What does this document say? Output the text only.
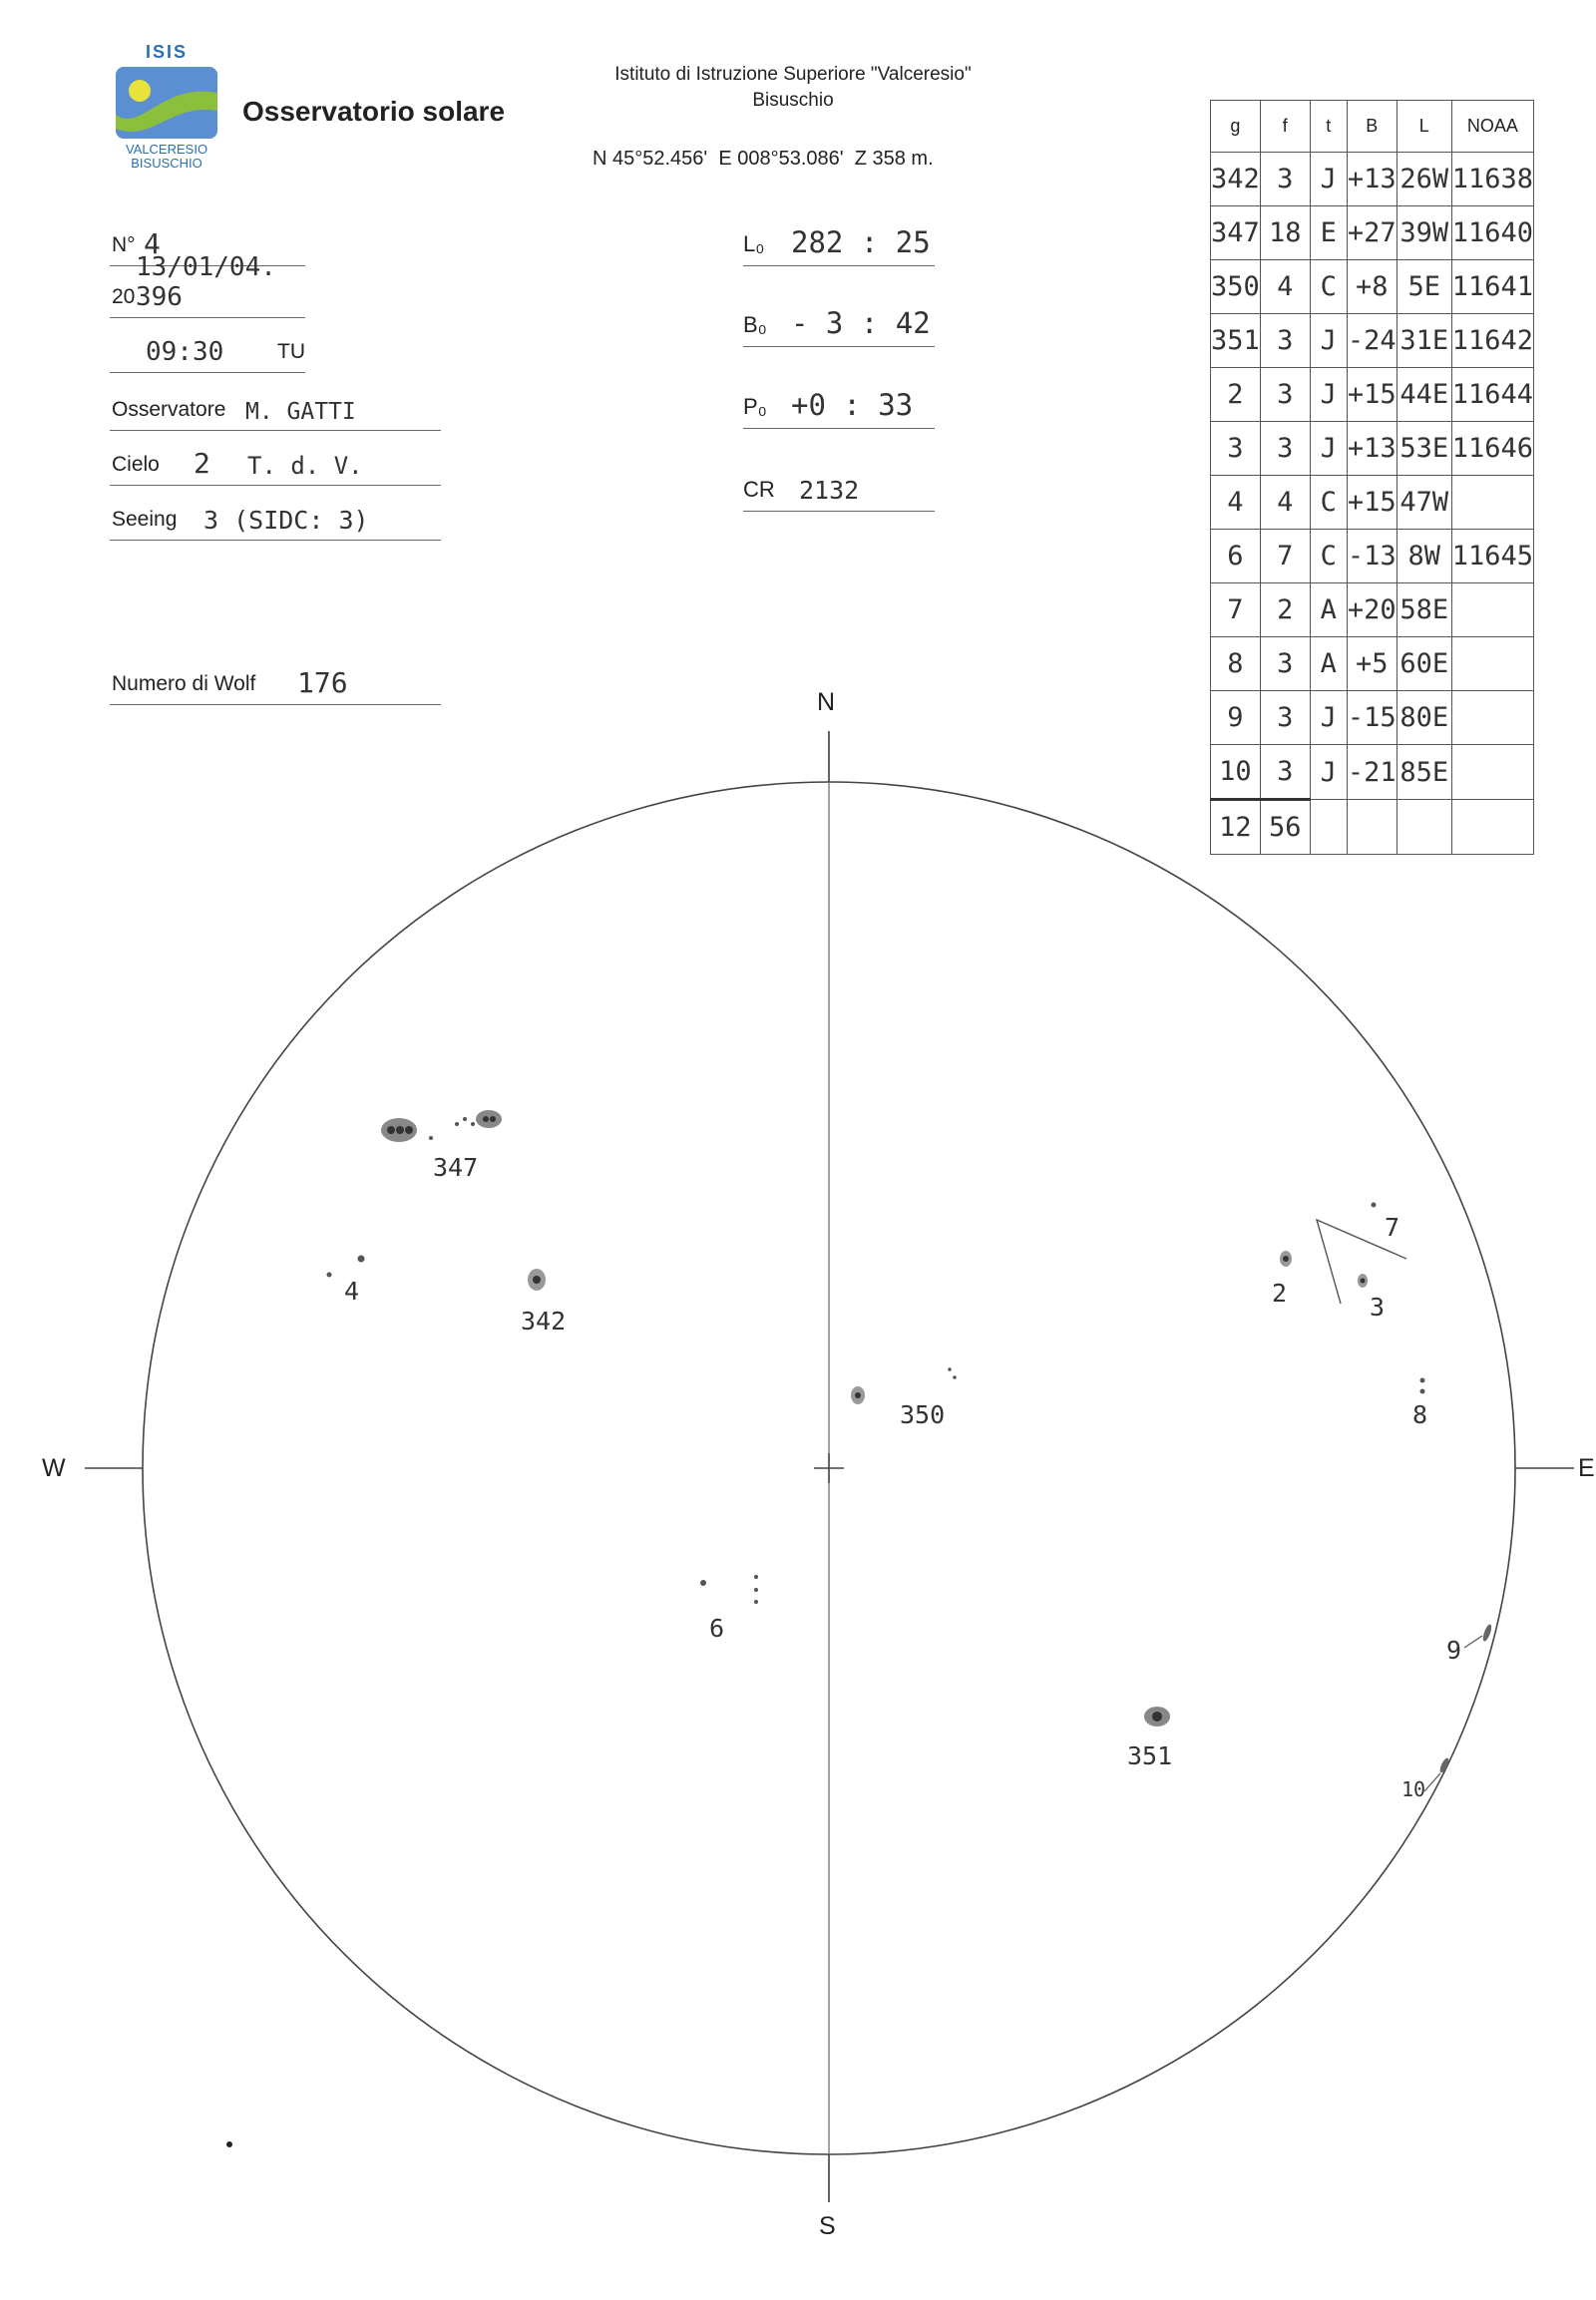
ISIS
VALCERESIO
BISUSCHIO
Osservatorio solare
Istituto di Istruzione Superiore "Valceresio"
Bisuschio
N 45°52.456'  E 008°53.086'  Z 358 m.
N° 4
20
13/01/04. 396
09:30	TU
Osservatore M. GATTI
Cielo 2 T. d. V.
Seeing 3 (SIDC: 3)
Numero di Wolf 176
L₀ 282 : 25
B₀ - 3 : 42
P₀ +0 : 33
CR 2132
g	f	t	B	L	NOAA
342	3	J	+13	26W	11638
347	18	E	+27	39W	11640
350	4	C	+8	5E	11641
351	3	J	-24	31E	11642
2	3	J	+15	44E	11644
3	3	J	+13	53E	11646
4	4	C	+15	47W	
6	7	C	-13	8W	11645
7	2	A	+20	58E	
8	3	A	+5	60E	
9	3	J	-15	80E	
10	3	J	-21	85E	
12	56				
N
S
W	E
347
342
4
350
6
351
2	3
7
8
9
10
